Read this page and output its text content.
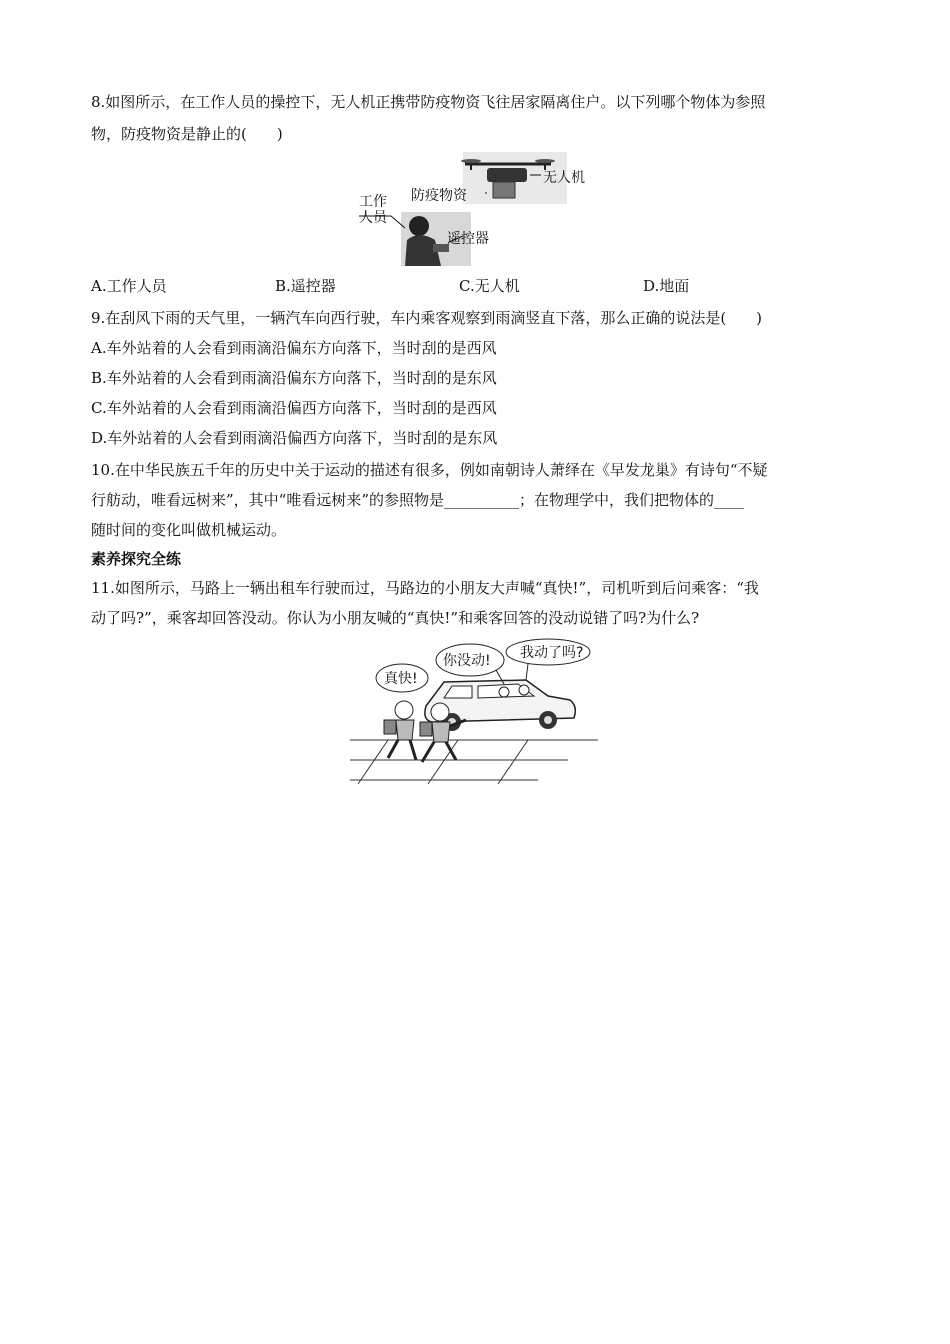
8.如图所示，在工作人员的操控下，无人机正携带防疫物资飞往居家隔离住户。以下列哪个物体为参照
物，防疫物资是静止的(　　)
无人机
防疫物资
工作
人员
遥控器
A.工作人员	B.遥控器	C.无人机	D.地面
9.在刮风下雨的天气里，一辆汽车向西行驶，车内乘客观察到雨滴竖直下落，那么正确的说法是(　　)
A.车外站着的人会看到雨滴沿偏东方向落下，当时刮的是西风
B.车外站着的人会看到雨滴沿偏东方向落下，当时刮的是东风
C.车外站着的人会看到雨滴沿偏西方向落下，当时刮的是西风
D.车外站着的人会看到雨滴沿偏西方向落下，当时刮的是东风
10.在中华民族五千年的历史中关于运动的描述有很多，例如南朝诗人萧绎在《早发龙巢》有诗句“不疑
行舫动，唯看远树来”，其中“唯看远树来”的参照物是__________；在物理学中，我们把物体的____
随时间的变化叫做机械运动。
素养探究全练
11.如图所示，马路上一辆出租车行驶而过，马路边的小朋友大声喊“真快!”，司机听到后问乘客：“我
动了吗?”，乘客却回答没动。你认为小朋友喊的“真快!”和乘客回答的没动说错了吗?为什么?
真快!
你没动! 我动了吗?
